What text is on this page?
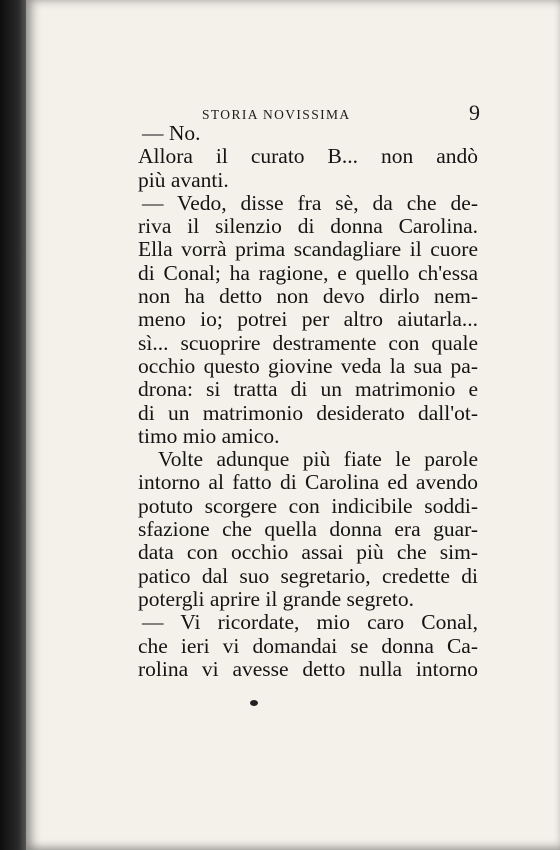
STORIA NOVISSIMA	9
— No.
Allora il curato B... non andò
più avanti.
— Vedo, disse fra sè, da che de-
riva il silenzio di donna Carolina.
Ella vorrà prima scandagliare il cuore
di Conal; ha ragione, e quello ch'essa
non ha detto non devo dirlo nem-
meno io; potrei per altro aiutarla...
sì... scuoprire destramente con quale
occhio questo giovine veda la sua pa-
drona: si tratta di un matrimonio e
di un matrimonio desiderato dall'ot-
timo mio amico.
Volte adunque più fiate le parole
intorno al fatto di Carolina ed avendo
potuto scorgere con indicibile soddi-
sfazione che quella donna era guar-
data con occhio assai più che sim-
patico dal suo segretario, credette di
potergli aprire il grande segreto.
— Vi ricordate, mio caro Conal,
che ieri vi domandai se donna Ca-
rolina vi avesse detto nulla intorno
